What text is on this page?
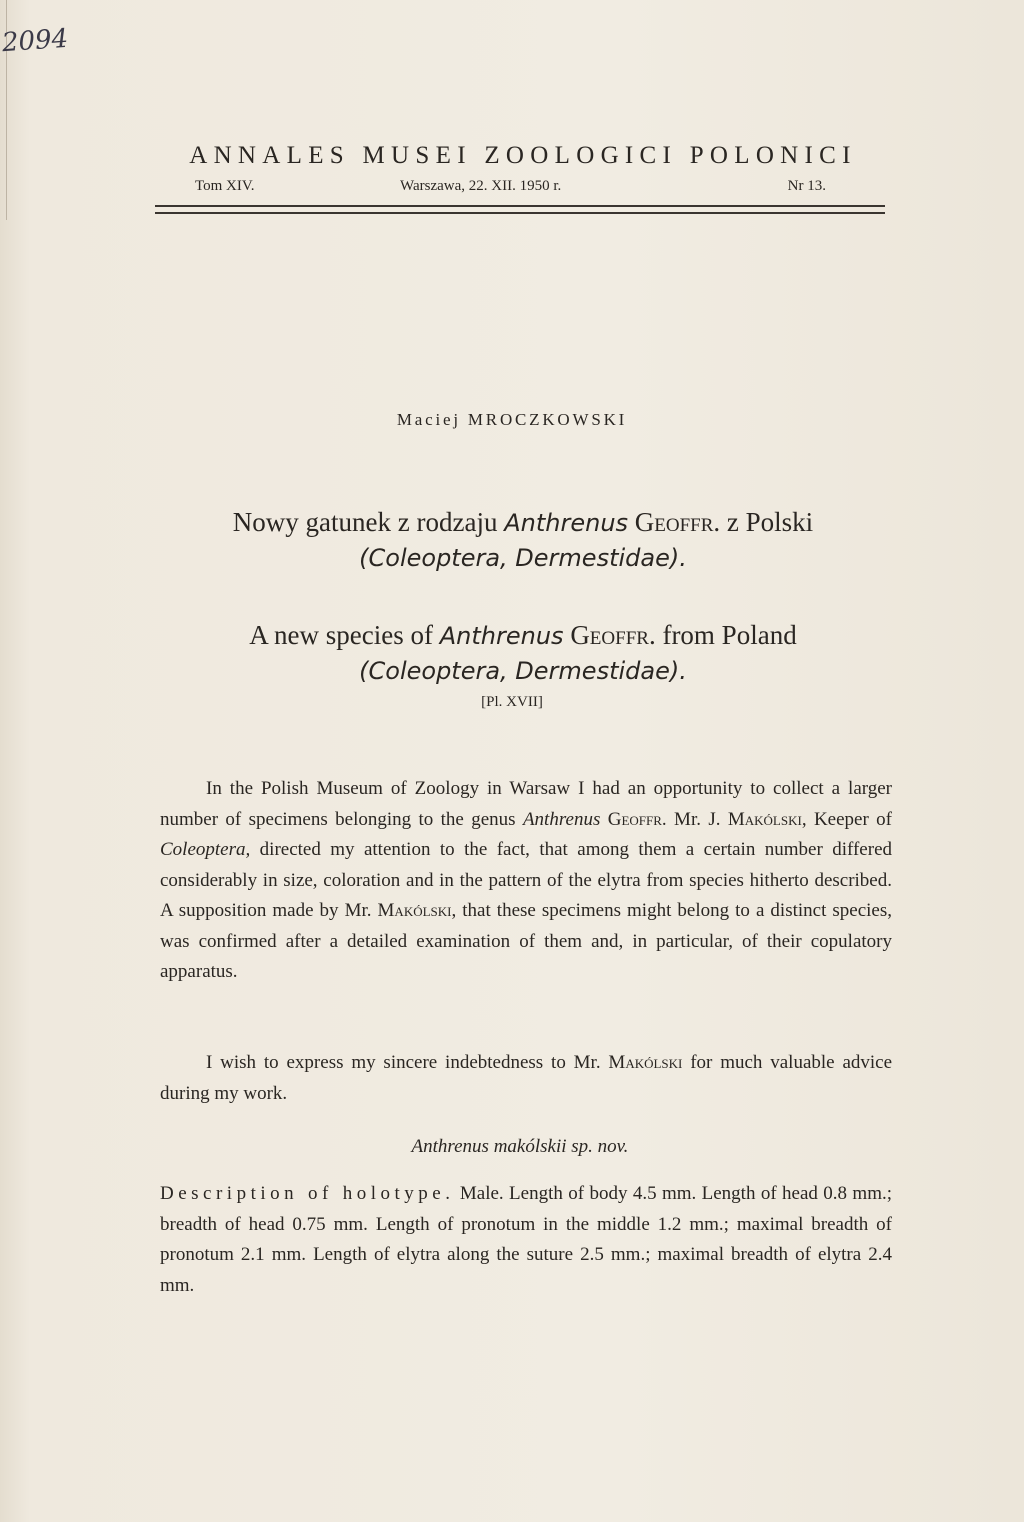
2094
ANNALES MUSEI ZOOLOGICI POLONICI
Tom XIV.	Warszawa, 22. XII. 1950 r.	Nr 13.
Maciej MROCZKOWSKI
Nowy gatunek z rodzaju Anthrenus Geoffr. z Polski
(Coleoptera, Dermestidae).
A new species of Anthrenus Geoffr. from Poland
(Coleoptera, Dermestidae).
[Pl. XVII]
In the Polish Museum of Zoology in Warsaw I had an opportunity to collect a larger number of specimens belonging to the genus Anthrenus Geoffr. Mr. J. Makólski, Keeper of Coleoptera, directed my attention to the fact, that among them a certain number differed considerably in size, coloration and in the pattern of the elytra from species hitherto described. A supposition made by Mr. Makólski, that these specimens might belong to a distinct species, was confirmed after a detailed examination of them and, in particular, of their copulatory apparatus.
I wish to express my sincere indebtedness to Mr. Makólski for much valuable advice during my work.
Anthrenus makólskii sp. nov.
Description of holotype. Male. Length of body 4.5 mm. Length of head 0.8 mm.; breadth of head 0.75 mm. Length of pronotum in the middle 1.2 mm.; maximal breadth of pronotum 2.1 mm. Length of elytra along the suture 2.5 mm.; maximal breadth of elytra 2.4 mm.
